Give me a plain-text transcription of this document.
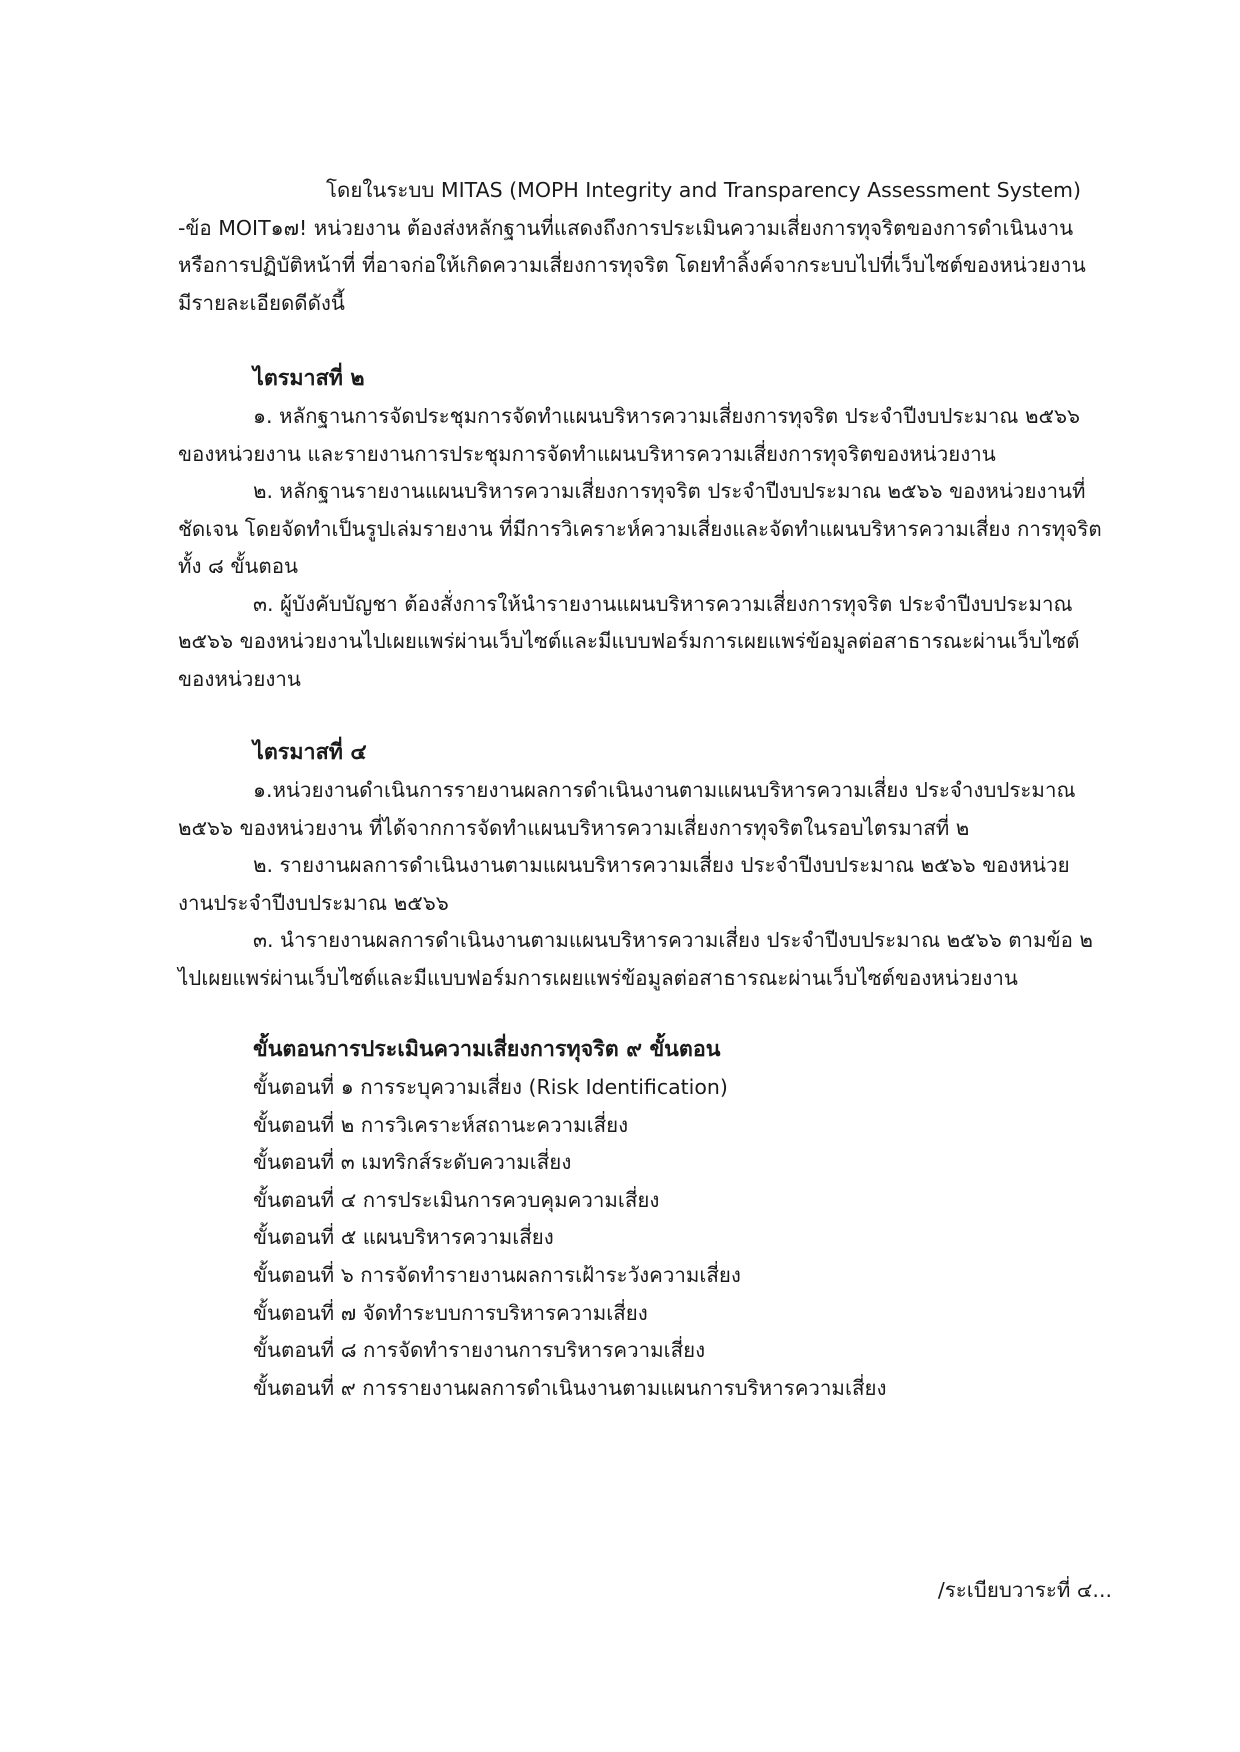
โดยในระบบ MITAS (MOPH Integrity and Transparency Assessment System) -ข้อ MOIT๑๗! หน่วยงาน ต้องส่งหลักฐานที่แสดงถึงการประเมินความเสี่ยงการทุจริตของการดำเนินงานหรือการปฏิบัติหน้าที่ ที่อาจก่อให้เกิดความเสี่ยงการทุจริต โดยทำลิ้งค์จากระบบไปที่เว็บไซต์ของหน่วยงาน มีรายละเอียดดีดังนี้

ไตรมาสที่ ๒

๑. หลักฐานการจัดประชุมการจัดทำแผนบริหารความเสี่ยงการทุจริต ประจำปีงบประมาณ ๒๕๖๖ ของหน่วยงาน และรายงานการประชุมการจัดทำแผนบริหารความเสี่ยงการทุจริตของหน่วยงาน

๒. หลักฐานรายงานแผนบริหารความเสี่ยงการทุจริต ประจำปีงบประมาณ ๒๕๖๖ ของหน่วยงานที่ชัดเจน โดยจัดทำเป็นรูปเล่มรายงาน ที่มีการวิเคราะห์ความเสี่ยงและจัดทำแผนบริหารความเสี่ยง การทุจริตทั้ง ๘ ขั้นตอน

๓. ผู้บังคับบัญชา ต้องสั่งการให้นำรายงานแผนบริหารความเสี่ยงการทุจริต ประจำปีงบประมาณ ๒๕๖๖ ของหน่วยงานไปเผยแพร่ผ่านเว็บไซต์และมีแบบฟอร์มการเผยแพร่ข้อมูลต่อสาธารณะผ่านเว็บไซต์ของหน่วยงาน

ไตรมาสที่ ๔

๑.หน่วยงานดำเนินการรายงานผลการดำเนินงานตามแผนบริหารความเสี่ยง ประจำงบประมาณ ๒๕๖๖ ของหน่วยงาน ที่ได้จากการจัดทำแผนบริหารความเสี่ยงการทุจริตในรอบไตรมาสที่ ๒

๒. รายงานผลการดำเนินงานตามแผนบริหารความเสี่ยง ประจำปีงบประมาณ ๒๕๖๖ ของหน่วยงานประจำปีงบประมาณ ๒๕๖๖

๓. นำรายงานผลการดำเนินงานตามแผนบริหารความเสี่ยง ประจำปีงบประมาณ ๒๕๖๖ ตามข้อ ๒ ไปเผยแพร่ผ่านเว็บไซต์และมีแบบฟอร์มการเผยแพร่ข้อมูลต่อสาธารณะผ่านเว็บไซต์ของหน่วยงาน

ขั้นตอนการประเมินความเสี่ยงการทุจริต ๙ ขั้นตอน
ขั้นตอนที่ ๑ การระบุความเสี่ยง (Risk Identification)
ขั้นตอนที่ ๒ การวิเคราะห์สถานะความเสี่ยง
ขั้นตอนที่ ๓ เมทริกส์ระดับความเสี่ยง
ขั้นตอนที่ ๔ การประเมินการควบคุมความเสี่ยง
ขั้นตอนที่ ๕ แผนบริหารความเสี่ยง
ขั้นตอนที่ ๖ การจัดทำรายงานผลการเฝ้าระวังความเสี่ยง
ขั้นตอนที่ ๗ จัดทำระบบการบริหารความเสี่ยง
ขั้นตอนที่ ๘ การจัดทำรายงานการบริหารความเสี่ยง
ขั้นตอนที่ ๙ การรายงานผลการดำเนินงานตามแผนการบริหารความเสี่ยง
/ระเบียบวาระที่ ๔...
